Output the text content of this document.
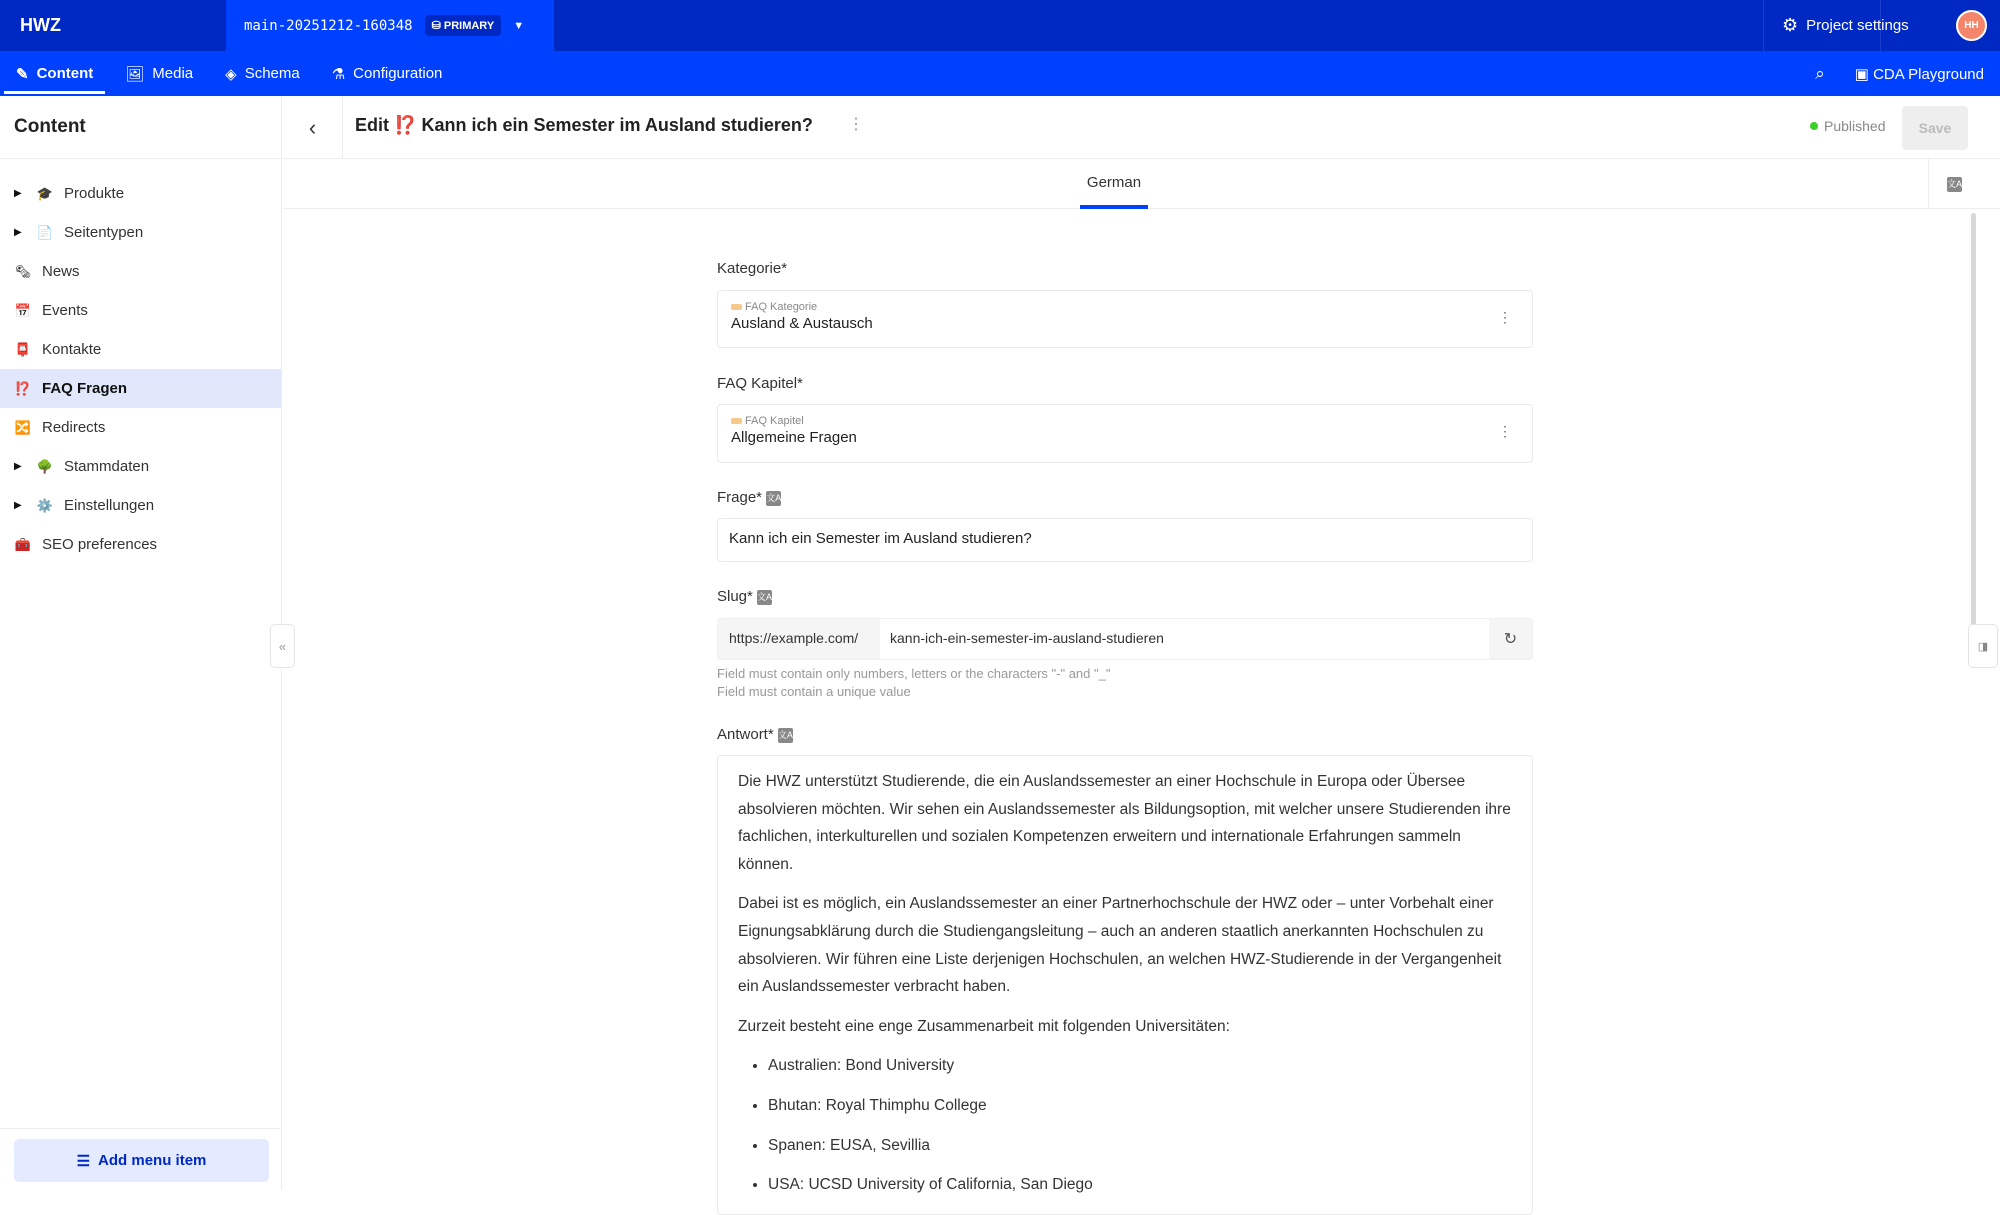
HWZ	main-20251212-160348	⛁ PRIMARY	▼	⚙ Project settings	HH
✎ Content 🖼 Media ◈ Schema ⚗ Configuration	⌕ ▣ CDA Playground
Content
▶	🎓 Produkte
▶	📄 Seitentypen
🗞 News
📅 Events
📮 Kontakte
⁉️ FAQ Fragen
🔀 Redirects
▶	🌳 Stammdaten
▶	⚙️ Einstellungen
🧰 SEO preferences
☰ Add menu item
«
‹ Edit ⁉️ Kann ich ein Semester im Ausland studieren? ⋮	Published	Save
German	文A
◨
Kategorie*
FAQ Kategorie
Ausland & Austausch	⋮
FAQ Kapitel*
FAQ Kapitel
Allgemeine Fragen	⋮
Frage* 文A
Kann ich ein Semester im Ausland studieren?
Slug* 文A
https://example.com/	kann-ich-ein-semester-im-ausland-studieren	↻
Field must contain only numbers, letters or the characters "-" and "_"
Field must contain a unique value
Antwort* 文A

Die HWZ unterstützt Studierende, die ein Auslandssemester an einer Hochschule in Europa oder Übersee absolvieren möchten. Wir sehen ein Auslandssemester als Bildungsoption, mit welcher unsere Studierenden ihre fachlichen, interkulturellen und sozialen Kompetenzen erweitern und internationale Erfahrungen sammeln können.

Dabei ist es möglich, ein Auslandssemester an einer Partnerhochschule der HWZ oder – unter Vorbehalt einer Eignungsabklärung durch die Studiengangsleitung – auch an anderen staatlich anerkannten Hochschulen zu absolvieren. Wir führen eine Liste derjenigen Hochschulen, an welchen HWZ-Studierende in der Vergangenheit ein Auslandssemester verbracht haben.

Zurzeit besteht eine enge Zusammenarbeit mit folgenden Universitäten:

• Australien: Bond University
• Bhutan: Royal Thimphu College
• Spanen: EUSA, Sevillia
• USA: UCSD University of California, San Diego
